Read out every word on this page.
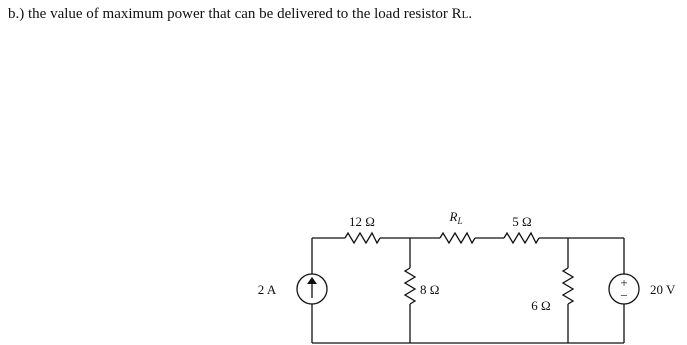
b.) the value of maximum power that can be delivered to the load resistor RL.
+
−
2 A
12 Ω	$R_L$	5 Ω
8 Ω
6 Ω
20 V
